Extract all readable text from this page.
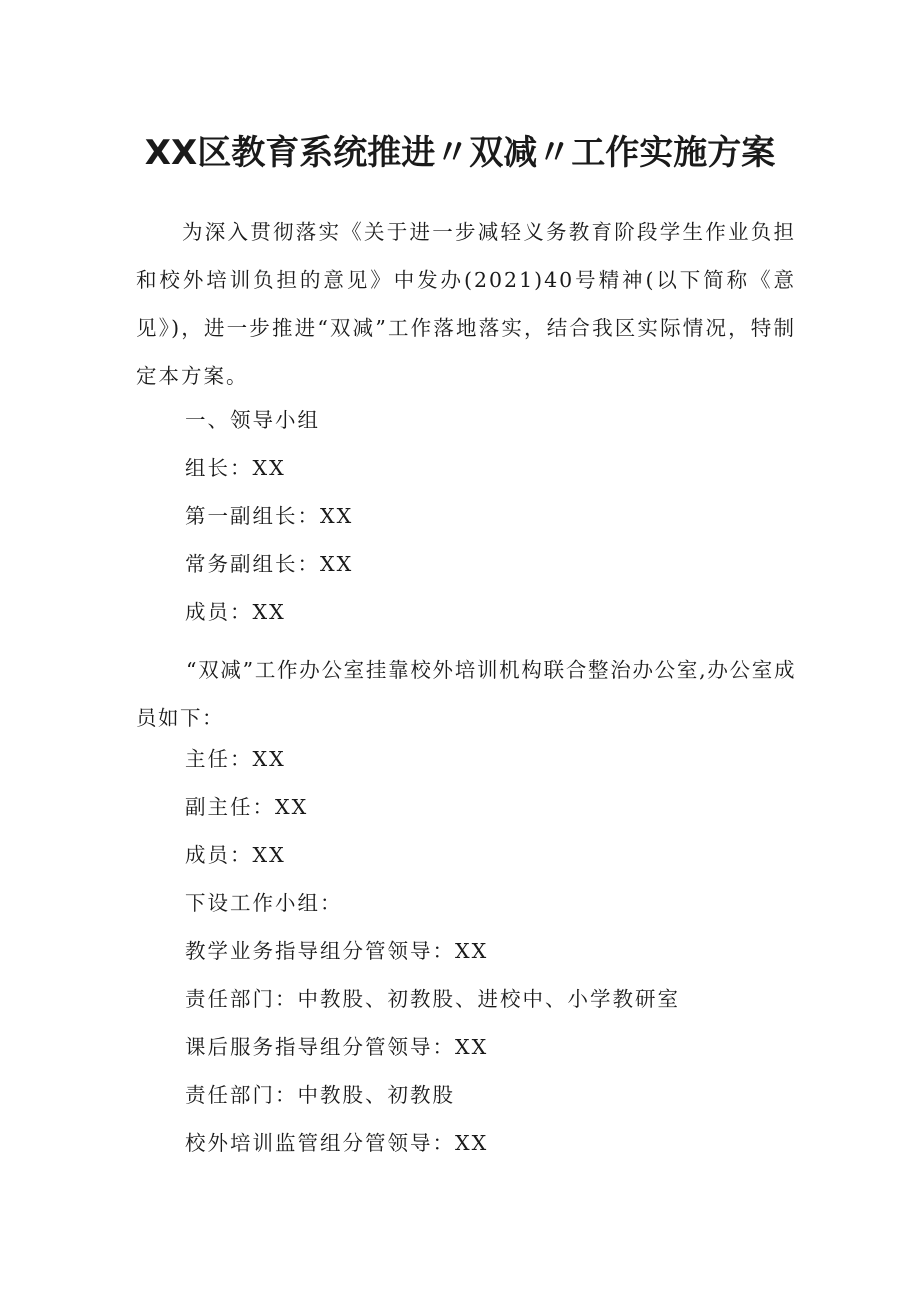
XX区教育系统推进〃双减〃工作实施方案

为深入贯彻落实《关于进一步减轻义务教育阶段学生作业负担和校外培训负担的意见》中发办(2021)40号精神(以下简称《意见》)，进一步推进“双减”工作落地落实，结合我区实际情况，特制定本方案。

一、领导小组

组长：XX

第一副组长：XX

常务副组长：XX

成员：XX

“双减”工作办公室挂靠校外培训机构联合整治办公室,办公室成员如下：

主任：XX

副主任：XX

成员：XX

下设工作小组：

教学业务指导组分管领导：XX

责任部门：中教股、初教股、进校中、小学教研室

课后服务指导组分管领导：XX

责任部门：中教股、初教股

校外培训监管组分管领导：XX
